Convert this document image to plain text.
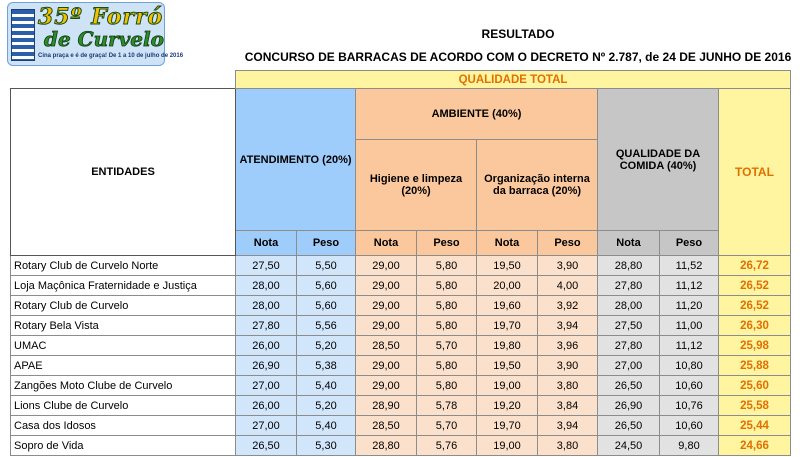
35º Forró
de Curvelo
Cina praça e é de graça! De 1 a 10 de julho de 2016
RESULTADO
CONCURSO DE BARRACAS DE ACORDO COM O DECRETO Nº 2.787, de 24 DE JUNHO DE 2016
	QUALIDADE TOTAL								
ENTIDADES	ATENDIMENTO (20%)		AMBIENTE (40%)				QUALIDADE DA COMIDA (40%)		TOTAL
			Higiene e limpeza (20%)		Organização interna da barraca (20%)				
	Nota	Peso	Nota	Peso	Nota	Peso	Nota	Peso	
Rotary Club de Curvelo Norte	27,50	5,50	29,00	5,80	19,50	3,90	28,80	11,52	26,72
Loja Maçônica Fraternidade e Justiça	28,00	5,60	29,00	5,80	20,00	4,00	27,80	11,12	26,52
Rotary Club de Curvelo	28,00	5,60	29,00	5,80	19,60	3,92	28,00	11,20	26,52
Rotary Bela Vista	27,80	5,56	29,00	5,80	19,70	3,94	27,50	11,00	26,30
UMAC	26,00	5,20	28,50	5,70	19,80	3,96	27,80	11,12	25,98
APAE	26,90	5,38	29,00	5,80	19,50	3,90	27,00	10,80	25,88
Zangões Moto Clube de Curvelo	27,00	5,40	29,00	5,80	19,00	3,80	26,50	10,60	25,60
Lions Clube de Curvelo	26,00	5,20	28,90	5,78	19,20	3,84	26,90	10,76	25,58
Casa dos Idosos	27,00	5,40	28,50	5,70	19,70	3,94	26,50	10,60	25,44
Sopro de Vida	26,50	5,30	28,80	5,76	19,00	3,80	24,50	9,80	24,66
